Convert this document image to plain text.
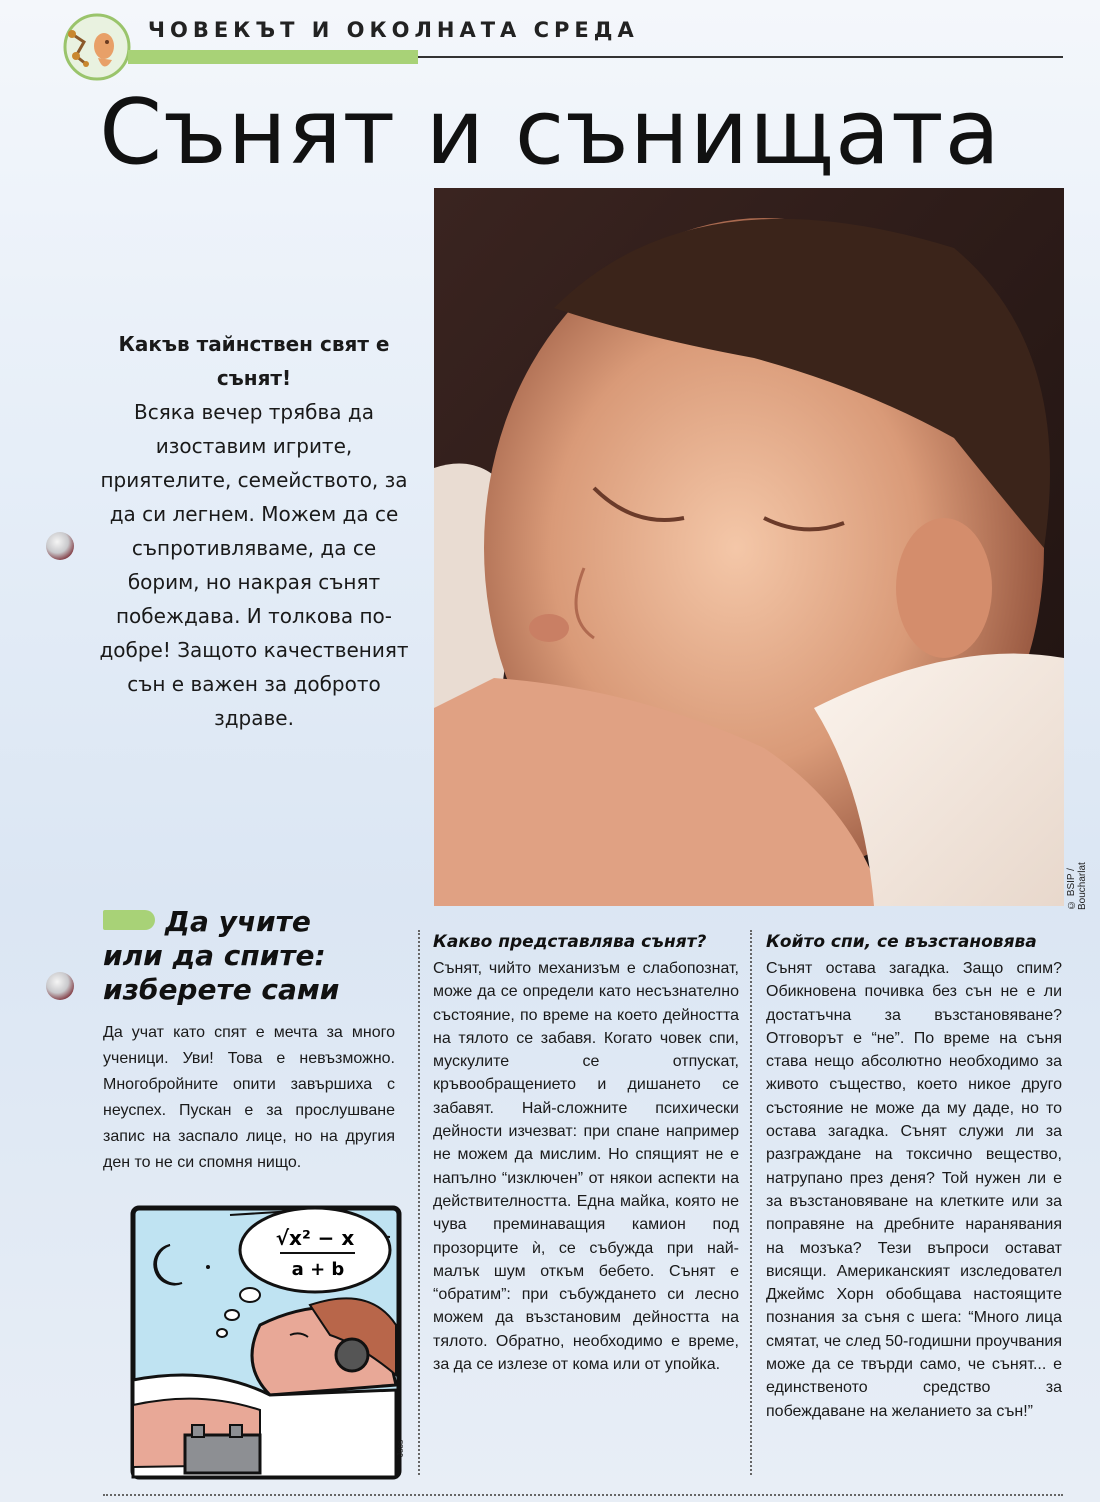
ЧОВЕКЪТ И ОКОЛНАТА СРЕДА
Сънят и сънищата
© BSIP / Boucharlat
Какъв тайнствен свят е сънят!
Всяка вечер трябва да изоставим игрите, приятелите, семейството, за да си легнем. Можем да се съпротивляваме, да се борим, но накрая сънят побеждава. И толкова по-добре! Защото качественият сън е важен за доброто здраве.
Да учите
или да спите:
изберете сами
Да учат като спят е мечта за много ученици. Уви! Това е невъзможно. Многобройните опити завършиха с неуспех. Пускан е за прослушване запис на заспало лице, но на другия ден то не си спомня нищо.
√x² − x
a + b
Joos
Какво представлява сънят?
Сънят, чийто механизъм е слабопознат, може да се определи като несъзнателно състояние, по време на което дейността на тялото се забавя. Когато човек спи, мускулите се отпускат, кръвообращението и дишането се забавят. Най-сложните психически дейности изчезват: при спане например не можем да мислим. Но спящият не е напълно “изключен” от някои аспекти на действителността. Една майка, която не чува преминаващия камион под прозорците ѝ, се събужда при най-малък шум откъм бебето. Сънят е “обратим”: при събуждането си лесно можем да възстановим дейността на тялото. Обратно, необходимо е време, за да се излезе от кома или от упойка.
Който спи, се възстановява
Сънят остава загадка. Защо спим? Обикновена почивка без сън не е ли достатъчна за възстановяване? Отговорът е “не”. По време на съня става нещо абсолютно необходимо за живото същество, което никое друго състояние не може да му даде, но то остава загадка. Сънят служи ли за разграждане на токсично вещество, натрупано през деня? Той нужен ли е за възстановяване на клетките или за поправяне на дребните наранявания на мозъка? Тези въпроси остават висящи. Американският изследовател Джеймс Хорн обобщава настоящите познания за съня с шега: “Много лица смятат, че след 50-годишни проучвания може да се твърди само, че сънят... е единственото средство за побеждаване на желанието за сън!”
